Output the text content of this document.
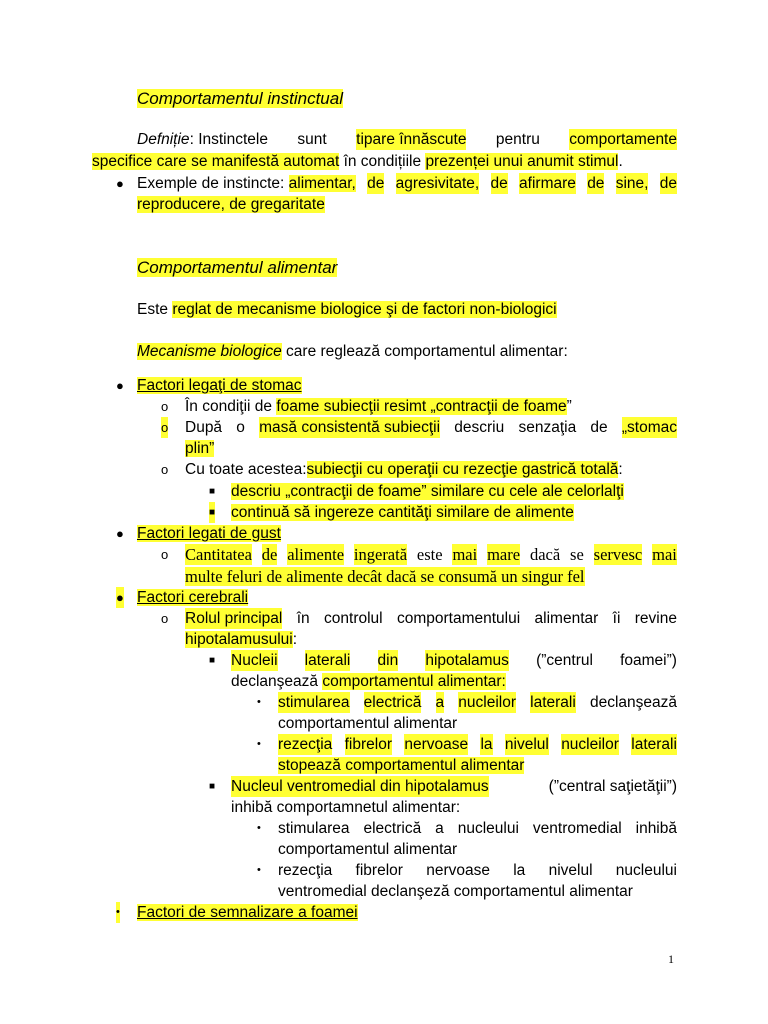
Comportamentul instinctual
Defniție: Instinctele sunt tipare înnăscute pentru comportamente
specifice care se manifestă automat în condițiile prezenței unui anumit stimul.
● Exemple de instincte: alimentar, de agresivitate, de afirmare de sine, de
reproducere, de gregaritate
Comportamentul alimentar
Este reglat de mecanisme biologice şi de factori non-biologici
Mecanisme biologice care reglează comportamentul alimentar:
● Factori legaţi de stomac
o În condiţii de foame subiecţii resimt „contracţii de foame”
o După o masă consistentă subiecţii descriu senzaţia de „stomac
plin”
o Cu toate acestea:subiecţii cu operaţii cu rezecţie gastrică totală:
■ descriu „contracţii de foame” similare cu cele ale celorlalţi
■ continuă să ingereze cantităţi similare de alimente
● Factori legati de gust
o Cantitatea de alimente ingerată este mai mare dacă se servesc mai
multe feluri de alimente decât dacă se consumă un singur fel
● Factori cerebrali
o Rolul principal în controlul comportamentului alimentar îi revine
hipotalamusului:
■ Nucleii laterali din hipotalamus (”centrul foamei”)
declanşează comportamentul alimentar:
• stimularea electrică a nucleilor laterali declanşează
comportamentul alimentar
• rezecţia fibrelor nervoase la nivelul nucleilor laterali
stopează comportamentul alimentar
■ Nucleul ventromedial din hipotalamus	(”central saţietăţii”)
inhibă comportamnetul alimentar:
• stimularea electrică a nucleului ventromedial inhibă
comportamentul alimentar
• rezecţia fibrelor nervoase la nivelul nucleului
ventromedial declanşeză comportamentul alimentar
• Factori de semnalizare a foamei
1
